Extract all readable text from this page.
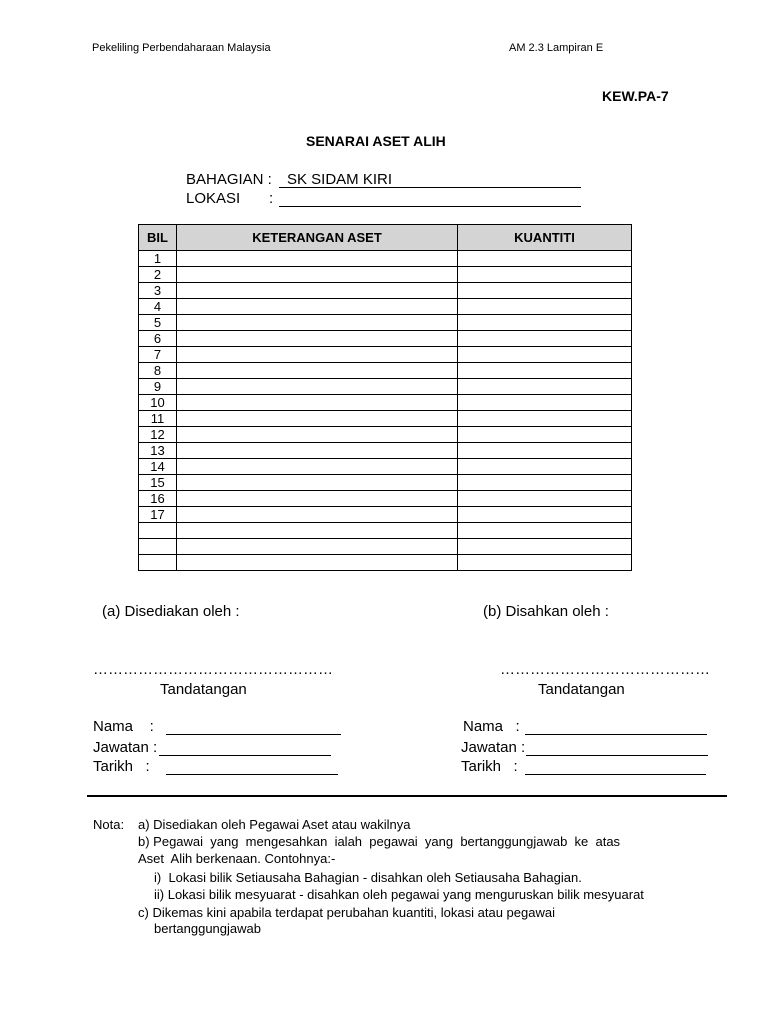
Pekeliling Perbendaharaan Malaysia	AM 2.3 Lampiran E
KEW.PA-7
SENARAI ASET ALIH
BAHAGIAN : SK SIDAM KIRI
LOKASI :
BIL	KETERANGAN ASET	KUANTITI
1		
2		
3		
4		
5		
6		
7		
8		
9		
10		
11		
12		
13		
14		
15		
16		
17		

(a) Disediakan oleh :	(b) Disahkan oleh :
…………………………………………	……………………………………
Tandatangan	Tandatangan
Nama    :
Jawatan :
Tarikh   :
Nama   :
Jawatan :
Tarikh   :
Nota: a) Disediakan oleh Pegawai Aset atau wakilnya
b) Pegawai  yang  mengesahkan  ialah  pegawai  yang  bertanggungjawab  ke  atas
Aset  Alih berkenaan. Contohnya:-
i)  Lokasi bilik Setiausaha Bahagian - disahkan oleh Setiausaha Bahagian.
ii) Lokasi bilik mesyuarat - disahkan oleh pegawai yang menguruskan bilik mesyuarat
c) Dikemas kini apabila terdapat perubahan kuantiti, lokasi atau pegawai
bertanggungjawab
